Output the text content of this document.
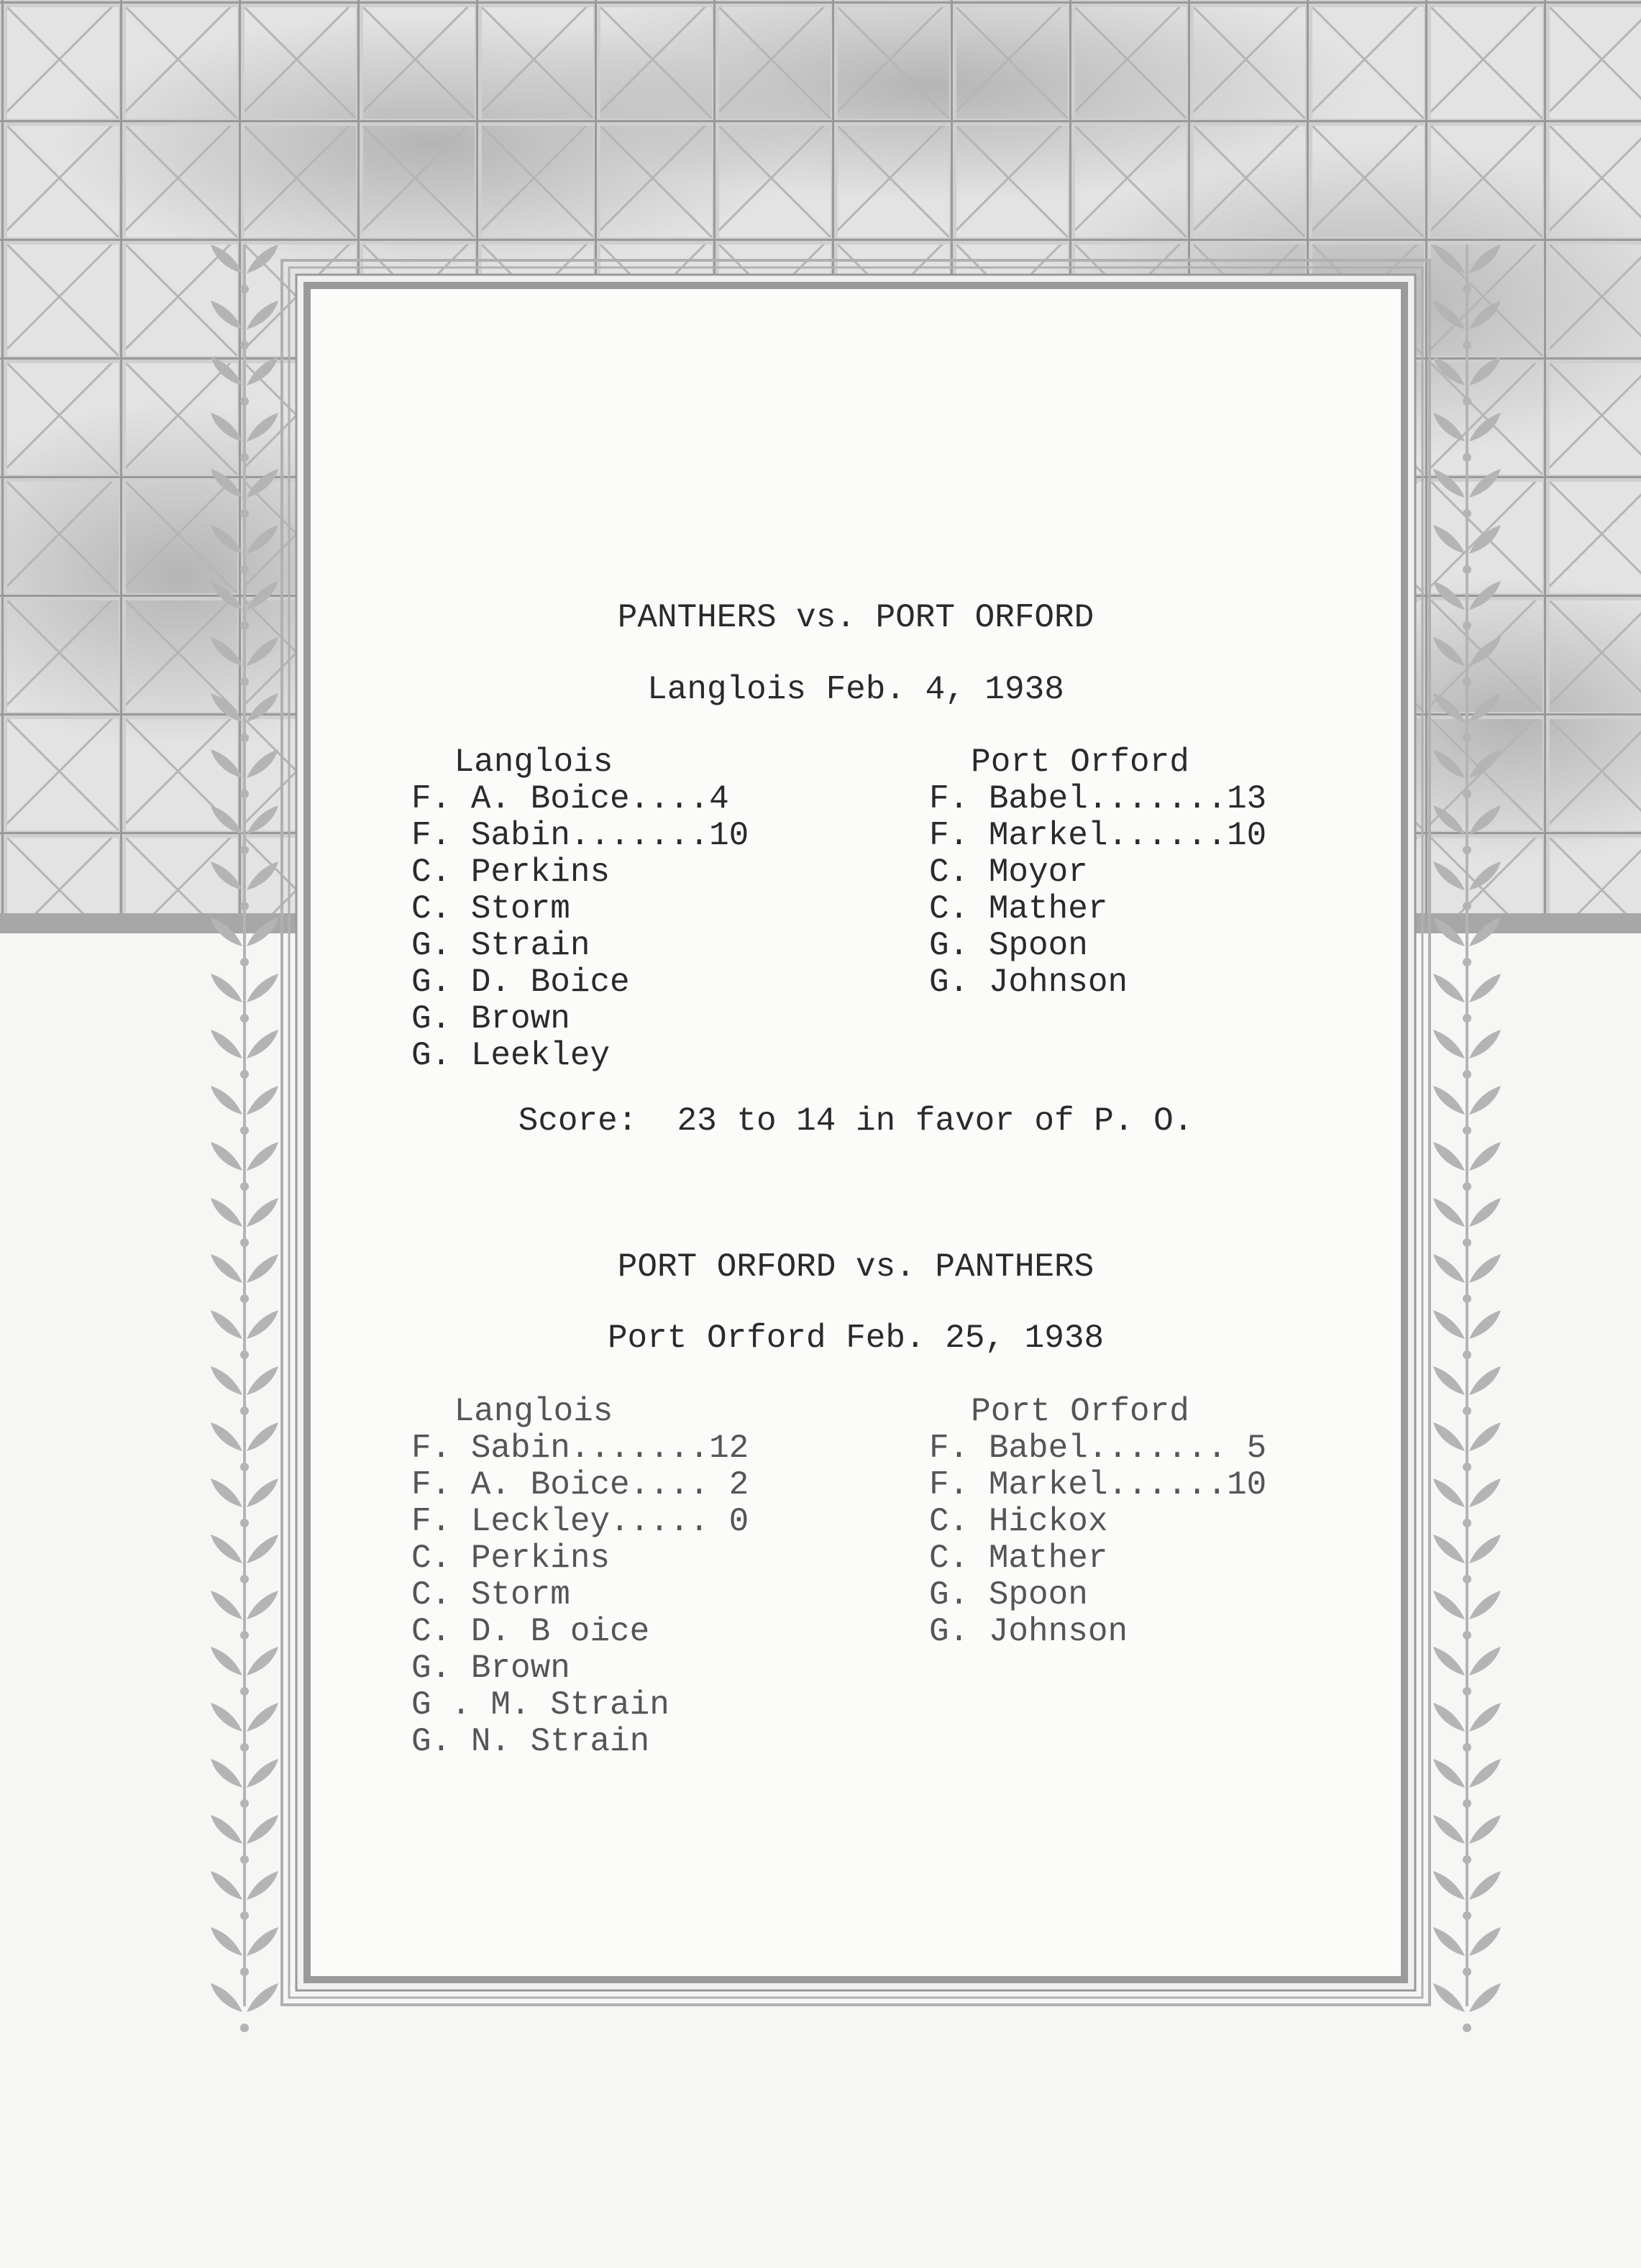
PANTHERS vs. PORT ORFORD

Langlois Feb. 4, 1938

Langlois

F. A. Boice....4
F. Sabin.......10
C. Perkins
C. Storm
G. Strain
G. D. Boice
G. Brown
G. Leekley

Port Orford

F. Babel.......13
F. Markel......10
C. Moyor
C. Mather
G. Spoon
G. Johnson

Score:  23 to 14 in favor of P. O.

PORT ORFORD vs. PANTHERS

Port Orford Feb. 25, 1938

Langlois

F. Sabin.......12
F. A. Boice.... 2
F. Leckley..... 0
C. Perkins
C. Storm
C. D. B oice
G. Brown
G . M. Strain
G. N. Strain

Port Orford

F. Babel....... 5
F. Markel......10
C. Hickox
C. Mather
G. Spoon
G. Johnson
